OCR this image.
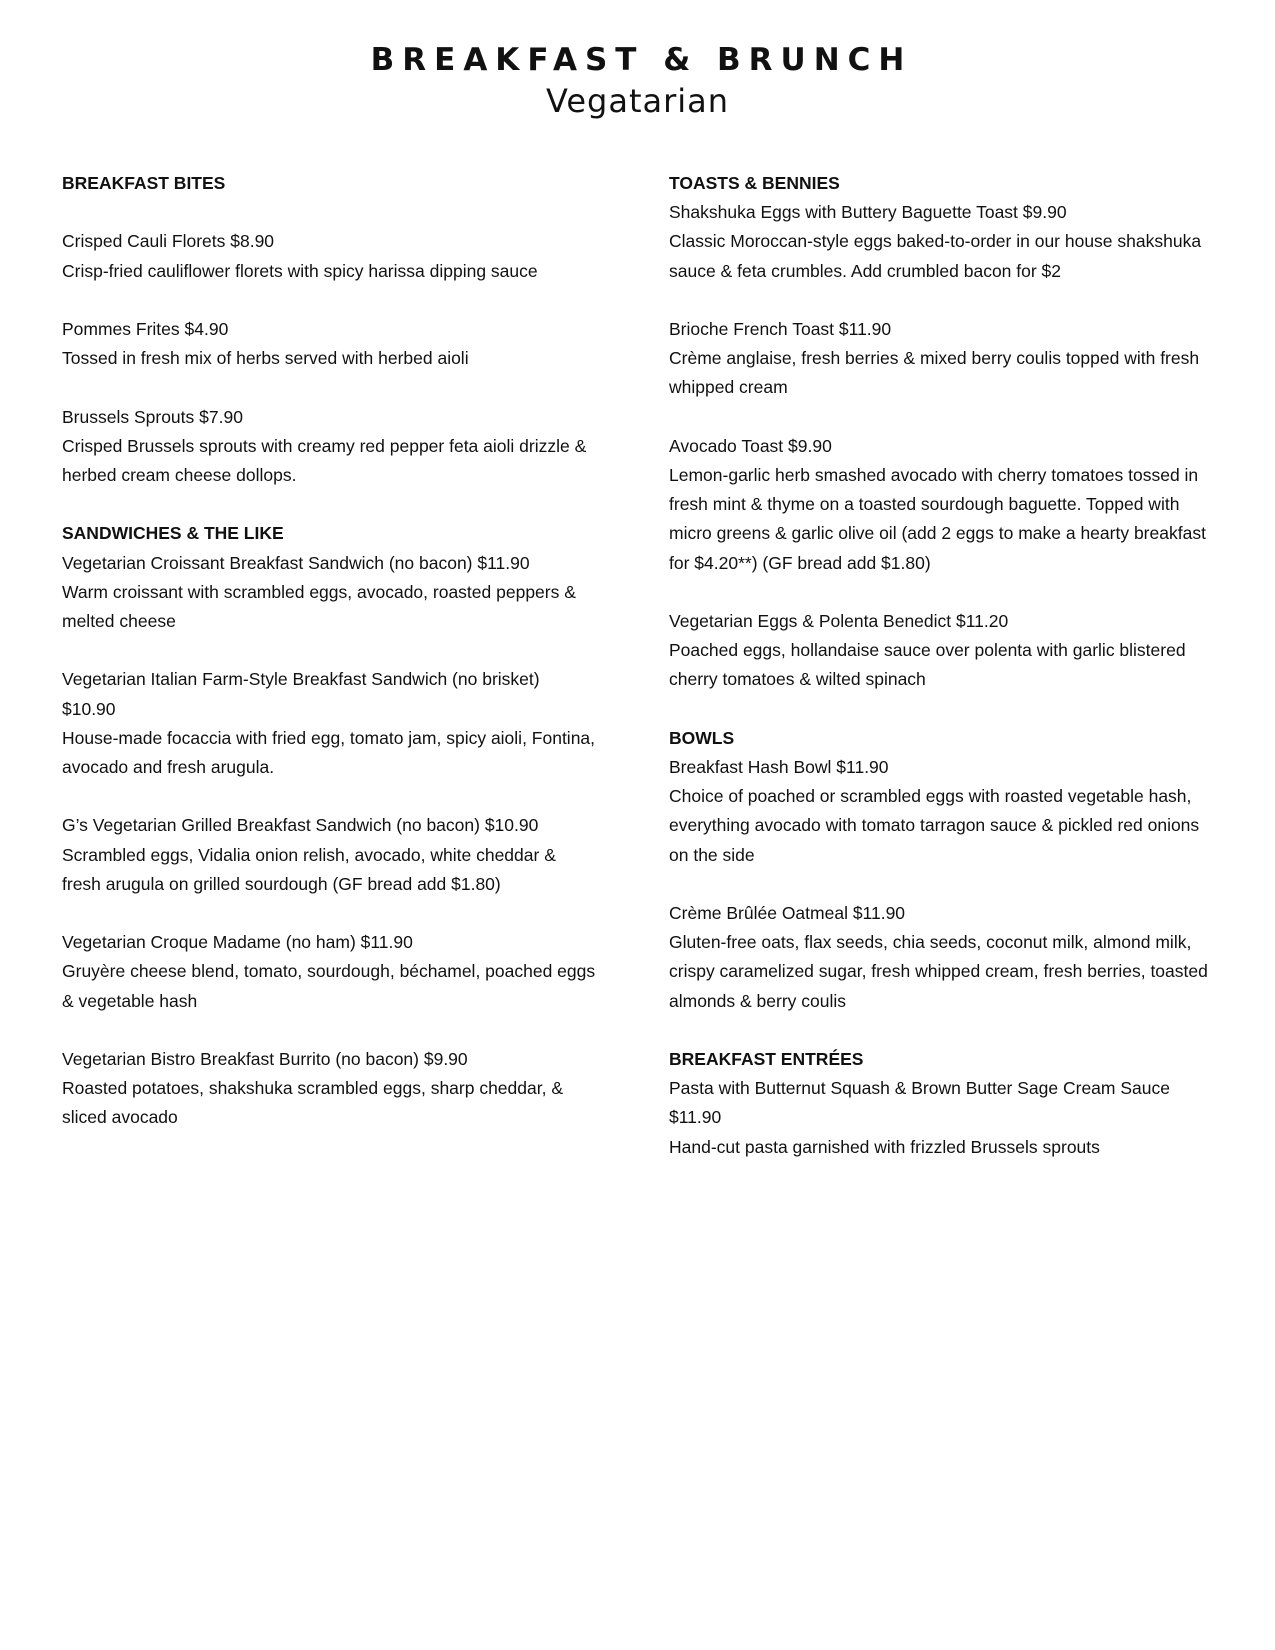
BREAKFAST & BRUNCH
Vegatarian

BREAKFAST BITES

Crisped Cauli Florets $8.90

Crisp-fried cauliflower florets with spicy harissa dipping sauce

Pommes Frites $4.90

Tossed in fresh mix of herbs served with herbed aioli

Brussels Sprouts $7.90

Crisped Brussels sprouts with creamy red pepper feta aioli drizzle & herbed cream cheese dollops.

SANDWICHES & THE LIKE

Vegetarian Croissant Breakfast Sandwich (no bacon) $11.90

Warm croissant with scrambled eggs, avocado, roasted peppers & melted cheese

Vegetarian Italian Farm-Style Breakfast Sandwich (no brisket) $10.90

House-made focaccia with fried egg, tomato jam, spicy aioli, Fontina, avocado and fresh arugula.

G’s Vegetarian Grilled Breakfast Sandwich (no bacon) $10.90

Scrambled eggs, Vidalia onion relish, avocado, white cheddar & fresh arugula on grilled sourdough (GF bread add $1.80)

Vegetarian Croque Madame (no ham) $11.90

Gruyère cheese blend, tomato, sourdough, béchamel, poached eggs & vegetable hash

Vegetarian Bistro Breakfast Burrito (no bacon) $9.90

Roasted potatoes, shakshuka scrambled eggs, sharp cheddar, & sliced avocado

TOASTS & BENNIES

Shakshuka Eggs with Buttery Baguette Toast $9.90

Classic Moroccan-style eggs baked-to-order in our house shakshuka sauce & feta crumbles. Add crumbled bacon for $2

Brioche French Toast $11.90

Crème anglaise, fresh berries & mixed berry coulis topped with fresh whipped cream

Avocado Toast $9.90

Lemon-garlic herb smashed avocado with cherry tomatoes tossed in fresh mint & thyme on a toasted sourdough baguette. Topped with micro greens & garlic olive oil (add 2 eggs to make a hearty breakfast for $4.20**) (GF bread add $1.80)

Vegetarian Eggs & Polenta Benedict $11.20

Poached eggs, hollandaise sauce over polenta with garlic blistered cherry tomatoes & wilted spinach

BOWLS

Breakfast Hash Bowl $11.90

Choice of poached or scrambled eggs with roasted vegetable hash, everything avocado with tomato tarragon sauce & pickled red onions on the side

Crème Brûlée Oatmeal $11.90

Gluten-free oats, flax seeds, chia seeds, coconut milk, almond milk, crispy caramelized sugar, fresh whipped cream, fresh berries, toasted almonds & berry coulis

BREAKFAST ENTRÉES

Pasta with Butternut Squash & Brown Butter Sage Cream Sauce $11.90

Hand-cut pasta garnished with frizzled Brussels sprouts
